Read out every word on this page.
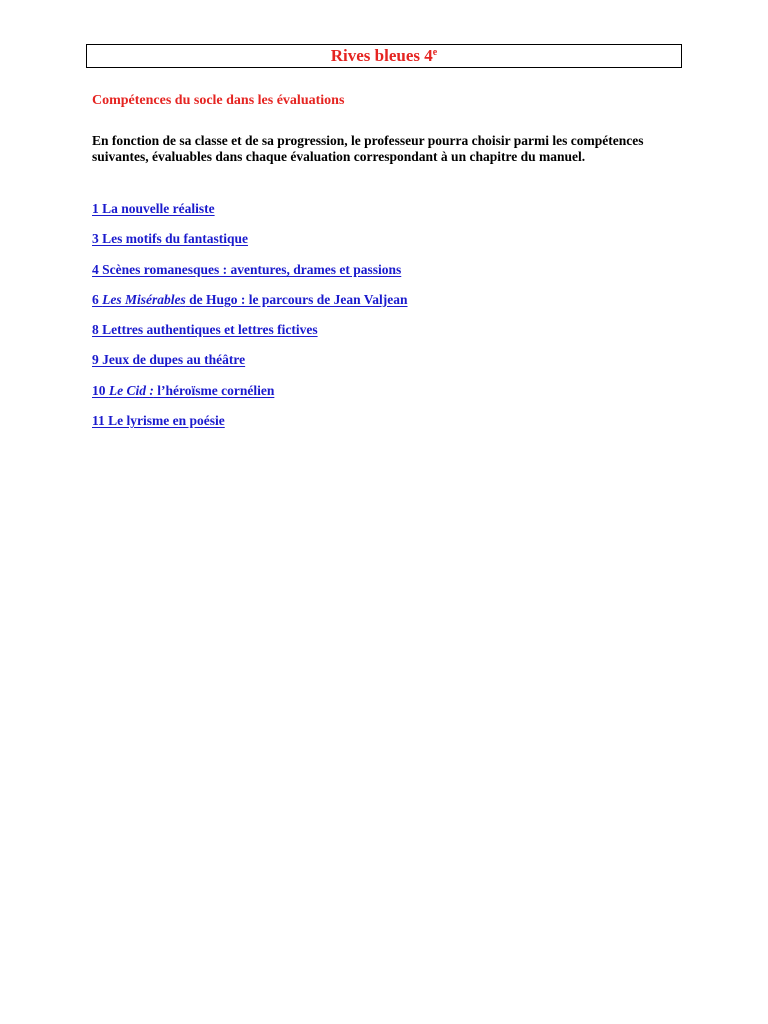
Rives bleues 4e
Compétences du socle dans les évaluations
En fonction de sa classe et de sa progression, le professeur pourra choisir parmi les compétences suivantes, évaluables dans chaque évaluation correspondant à un chapitre du manuel.
1 La nouvelle réaliste
3 Les motifs du fantastique
4 Scènes romanesques : aventures, drames et passions
6 Les Misérables de Hugo : le parcours de Jean Valjean
8 Lettres authentiques et lettres fictives
9 Jeux de dupes au théâtre
10 Le Cid : l’héroïsme cornélien
11 Le lyrisme en poésie
